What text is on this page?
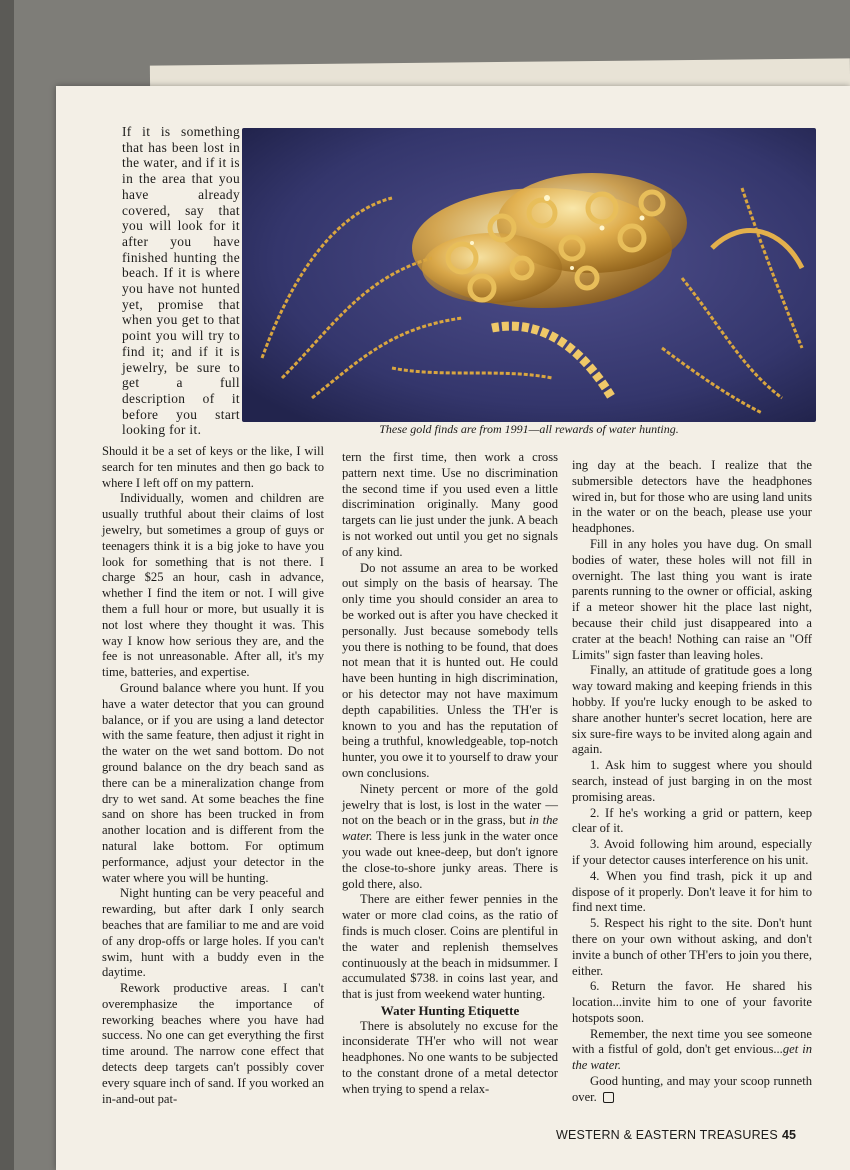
If it is something that has been lost in the water, and if it is in the area that you have already covered, say that you will look for it after you have finished hunting the beach. If it is where you have not hunted yet, promise that when you get to that point you will try to find it; and if it is jewelry, be sure to get a full description of it before you start looking for it.	These gold finds are from 1991—all rewards of water hunting.

Should it be a set of keys or the like, I will search for ten minutes and then go back to where I left off on my pattern.

Individually, women and children are usually truthful about their claims of lost jewelry, but sometimes a group of guys or teenagers think it is a big joke to have you look for something that is not there. I charge $25 an hour, cash in advance, whether I find the item or not. I will give them a full hour or more, but usually it is not lost where they thought it was. This way I know how serious they are, and the fee is not unreasonable. After all, it's my time, batteries, and expertise.

Ground balance where you hunt. If you have a water detector that you can ground balance, or if you are using a land detector with the same feature, then adjust it right in the water on the wet sand bottom. Do not ground balance on the dry beach sand as there can be a mineralization change from dry to wet sand. At some beaches the fine sand on shore has been trucked in from another location and is different from the natural lake bottom. For optimum performance, adjust your detector in the water where you will be hunting.

Night hunting can be very peaceful and rewarding, but after dark I only search beaches that are familiar to me and are void of any drop-offs or large holes. If you can't swim, hunt with a buddy even in the daytime.

Rework productive areas. I can't overemphasize the importance of reworking beaches where you have had success. No one can get everything the first time around. The narrow cone effect that detects deep targets can't possibly cover every square inch of sand. If you worked an in-and-out pat-

tern the first time, then work a cross pattern next time. Use no discrimination the second time if you used even a little discrimination originally. Many good targets can lie just under the junk. A beach is not worked out until you get no signals of any kind.

Do not assume an area to be worked out simply on the basis of hearsay. The only time you should consider an area to be worked out is after you have checked it personally. Just because somebody tells you there is nothing to be found, that does not mean that it is hunted out. He could have been hunting in high discrimination, or his detector may not have maximum depth capabilities. Unless the TH'er is known to you and has the reputation of being a truthful, knowledgeable, top-notch hunter, you owe it to yourself to draw your own conclusions.

Ninety percent or more of the gold jewelry that is lost, is lost in the water — not on the beach or in the grass, but in the water. There is less junk in the water once you wade out knee-deep, but don't ignore the close-to-shore junky areas. There is gold there, also.

There are either fewer pennies in the water or more clad coins, as the ratio of finds is much closer. Coins are plentiful in the water and replenish themselves continuously at the beach in midsummer. I accumulated $738. in coins last year, and that is just from weekend water hunting.

Water Hunting Etiquette

There is absolutely no excuse for the inconsiderate TH'er who will not wear headphones. No one wants to be subjected to the constant drone of a metal detector when trying to spend a relax-

ing day at the beach. I realize that the submersible detectors have the headphones wired in, but for those who are using land units in the water or on the beach, please use your headphones.

Fill in any holes you have dug. On small bodies of water, these holes will not fill in overnight. The last thing you want is irate parents running to the owner or official, asking if a meteor shower hit the place last night, because their child just disappeared into a crater at the beach! Nothing can raise an "Off Limits" sign faster than leaving holes.

Finally, an attitude of gratitude goes a long way toward making and keeping friends in this hobby. If you're lucky enough to be asked to share another hunter's secret location, here are six sure-fire ways to be invited along again and again.

1. Ask him to suggest where you should search, instead of just barging in on the most promising areas.

2. If he's working a grid or pattern, keep clear of it.

3. Avoid following him around, especially if your detector causes interference on his unit.

4. When you find trash, pick it up and dispose of it properly. Don't leave it for him to find next time.

5. Respect his right to the site. Don't hunt there on your own without asking, and don't invite a bunch of other TH'ers to join you there, either.

6. Return the favor. He shared his location...invite him to one of your favorite hotspots soon.

Remember, the next time you see someone with a fistful of gold, don't get envious...get in the water.

Good hunting, and may your scoop runneth over.

WESTERN & EASTERN TREASURES 45
